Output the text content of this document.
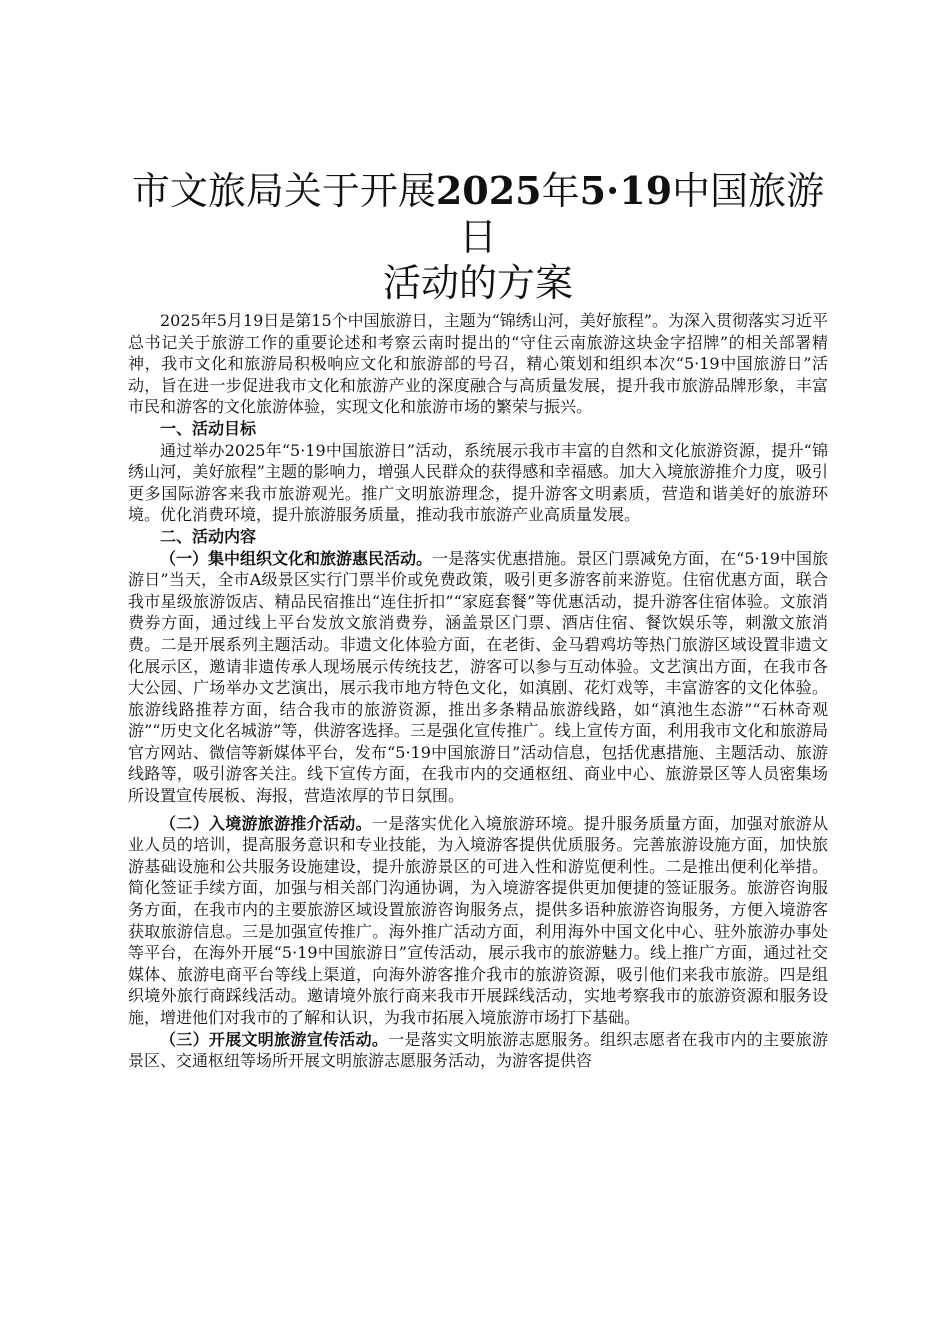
市文旅局关于开展2025年5·19中国旅游日
活动的方案

2025年5月19日是第15个中国旅游日，主题为“锦绣山河，美好旅程”。为深入贯彻落实习近平总书记关于旅游工作的重要论述和考察云南时提出的“守住云南旅游这块金字招牌”的相关部署精神，我市文化和旅游局积极响应文化和旅游部的号召，精心策划和组织本次“5·19中国旅游日”活动，旨在进一步促进我市文化和旅游产业的深度融合与高质量发展，提升我市旅游品牌形象，丰富市民和游客的文化旅游体验，实现文化和旅游市场的繁荣与振兴。

一、活动目标

通过举办2025年“5·19中国旅游日”活动，系统展示我市丰富的自然和文化旅游资源，提升“锦绣山河，美好旅程”主题的影响力，增强人民群众的获得感和幸福感。加大入境旅游推介力度，吸引更多国际游客来我市旅游观光。推广文明旅游理念，提升游客文明素质，营造和谐美好的旅游环境。优化消费环境，提升旅游服务质量，推动我市旅游产业高质量发展。

二、活动内容

（一）集中组织文化和旅游惠民活动。一是落实优惠措施。景区门票减免方面，在“5·19中国旅游日”当天，全市A级景区实行门票半价或免费政策，吸引更多游客前来游览。住宿优惠方面，联合我市星级旅游饭店、精品民宿推出“连住折扣”“家庭套餐”等优惠活动，提升游客住宿体验。文旅消费券方面，通过线上平台发放文旅消费券，涵盖景区门票、酒店住宿、餐饮娱乐等，刺激文旅消费。二是开展系列主题活动。非遗文化体验方面，在老街、金马碧鸡坊等热门旅游区域设置非遗文化展示区，邀请非遗传承人现场展示传统技艺，游客可以参与互动体验。文艺演出方面，在我市各大公园、广场举办文艺演出，展示我市地方特色文化，如滇剧、花灯戏等，丰富游客的文化体验。旅游线路推荐方面，结合我市的旅游资源，推出多条精品旅游线路，如“滇池生态游”“石林奇观游”“历史文化名城游”等，供游客选择。三是强化宣传推广。线上宣传方面，利用我市文化和旅游局官方网站、微信等新媒体平台，发布“5·19中国旅游日”活动信息，包括优惠措施、主题活动、旅游线路等，吸引游客关注。线下宣传方面，在我市内的交通枢纽、商业中心、旅游景区等人员密集场所设置宣传展板、海报，营造浓厚的节日氛围。

（二）入境游旅游推介活动。一是落实优化入境旅游环境。提升服务质量方面，加强对旅游从业人员的培训，提高服务意识和专业技能，为入境游客提供优质服务。完善旅游设施方面，加快旅游基础设施和公共服务设施建设，提升旅游景区的可进入性和游览便利性。二是推出便利化举措。简化签证手续方面，加强与相关部门沟通协调，为入境游客提供更加便捷的签证服务。旅游咨询服务方面，在我市内的主要旅游区域设置旅游咨询服务点，提供多语种旅游咨询服务，方便入境游客获取旅游信息。三是加强宣传推广。海外推广活动方面，利用海外中国文化中心、驻外旅游办事处等平台，在海外开展“5·19中国旅游日”宣传活动，展示我市的旅游魅力。线上推广方面，通过社交媒体、旅游电商平台等线上渠道，向海外游客推介我市的旅游资源，吸引他们来我市旅游。四是组织境外旅行商踩线活动。邀请境外旅行商来我市开展踩线活动，实地考察我市的旅游资源和服务设施，增进他们对我市的了解和认识，为我市拓展入境旅游市场打下基础。

（三）开展文明旅游宣传活动。一是落实文明旅游志愿服务。组织志愿者在我市内的主要旅游景区、交通枢纽等场所开展文明旅游志愿服务活动，为游客提供咨
